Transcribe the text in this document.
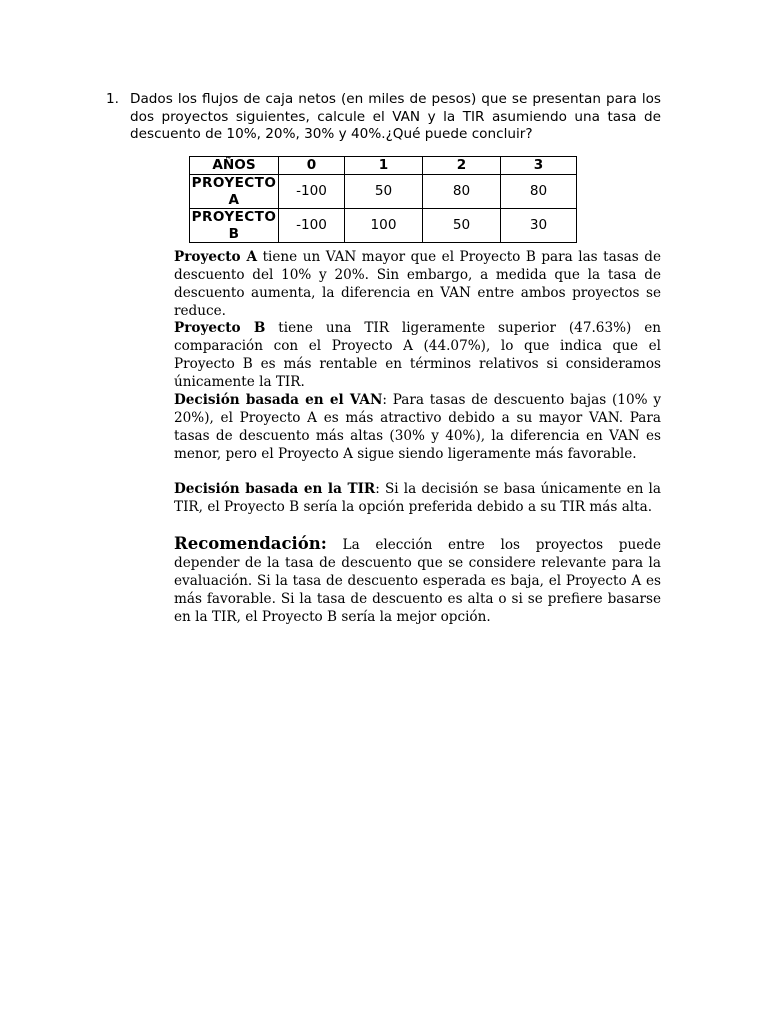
1. Dados los flujos de caja netos (en miles de pesos) que se presentan para los dos proyectos siguientes, calcule el VAN y la TIR asumiendo una tasa de descuento de 10%, 20%, 30% y 40%.¿Qué puede concluir?
AÑOS	0	1	2	3
PROYECTO A	-100	50	80	80
PROYECTO B	-100	100	50	30

Proyecto A tiene un VAN mayor que el Proyecto B para las tasas de descuento del 10% y 20%. Sin embargo, a medida que la tasa de descuento aumenta, la diferencia en VAN entre ambos proyectos se reduce.

Proyecto B tiene una TIR ligeramente superior (47.63%) en comparación con el Proyecto A (44.07%), lo que indica que el Proyecto B es más rentable en términos relativos si consideramos únicamente la TIR.

Decisión basada en el VAN: Para tasas de descuento bajas (10% y 20%), el Proyecto A es más atractivo debido a su mayor VAN. Para tasas de descuento más altas (30% y 40%), la diferencia en VAN es menor, pero el Proyecto A sigue siendo ligeramente más favorable.

Decisión basada en la TIR: Si la decisión se basa únicamente en la TIR, el Proyecto B sería la opción preferida debido a su TIR más alta.

Recomendación: La elección entre los proyectos puede depender de la tasa de descuento que se considere relevante para la evaluación. Si la tasa de descuento esperada es baja, el Proyecto A es más favorable. Si la tasa de descuento es alta o si se prefiere basarse en la TIR, el Proyecto B sería la mejor opción.
